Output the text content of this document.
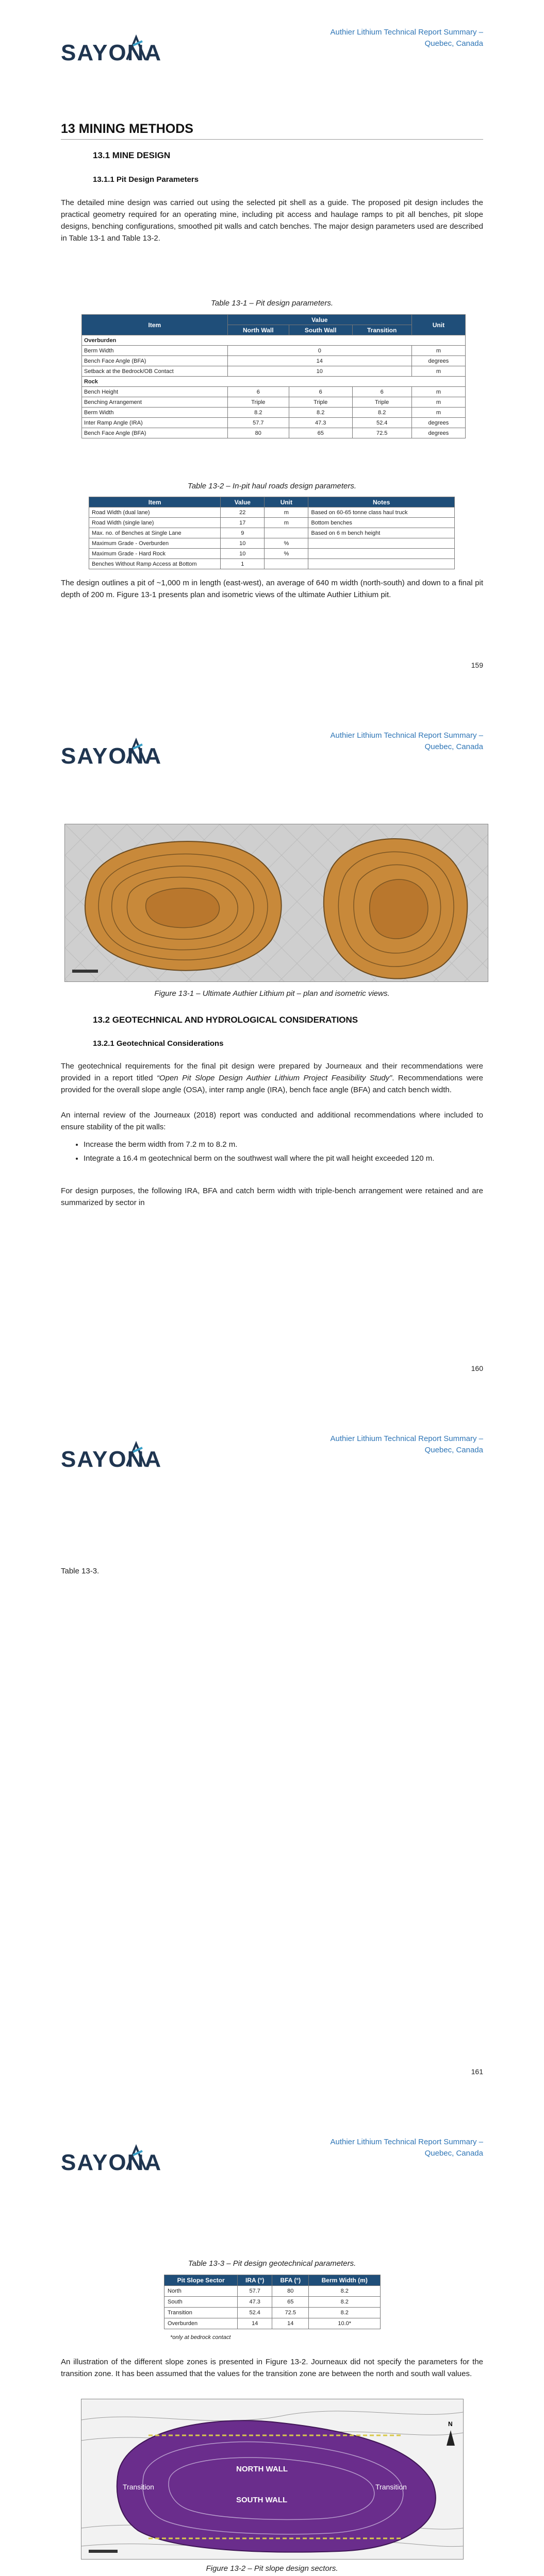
SAYONA
Authier Lithium Technical Report Summary –
Quebec, Canada
13 MINING METHODS
13.1 MINE DESIGN
13.1.1 Pit Design Parameters
The detailed mine design was carried out using the selected pit shell as a guide. The proposed pit design includes the practical geometry required for an operating mine, including pit access and haulage ramps to pit all benches, pit slope designs, benching configurations, smoothed pit walls and catch benches. The major design parameters used are described in Table 13-1 and Table 13-2.
Table 13-1 – Pit design parameters.
Item	Value			Unit
	North Wall	South Wall	Transition	
Overburden				
Berm Width	0			m
Bench Face Angle (BFA)	14			degrees
Setback at the Bedrock/OB Contact	10			m
Rock				
Bench Height	6	6	6	m
Benching Arrangement	Triple	Triple	Triple	m
Berm Width	8.2	8.2	8.2	m
Inter Ramp Angle (IRA)	57.7	47.3	52.4	degrees
Bench Face Angle (BFA)	80	65	72.5	degrees
Table 13-2 – In-pit haul roads design parameters.
Item	Value	Unit	Notes
Road Width (dual lane)	22	m	Based on 60-65 tonne class haul truck
Road Width (single lane)	17	m	Bottom benches
Max. no. of Benches at Single Lane	9		Based on 6 m bench height
Maximum Grade - Overburden	10	%	
Maximum Grade - Hard Rock	10	%	
Benches Without Ramp Access at Bottom	1		
The design outlines a pit of ~1,000 m in length (east-west), an average of 640 m width (north-south) and down to a final pit depth of 200 m. Figure 13-1 presents plan and isometric views of the ultimate Authier Lithium pit.
159
SAYONA
Authier Lithium Technical Report Summary –
Quebec, Canada
Figure 13-1 – Ultimate Authier Lithium pit – plan and isometric views.
13.2 GEOTECHNICAL AND HYDROLOGICAL CONSIDERATIONS
13.2.1 Geotechnical Considerations
The geotechnical requirements for the final pit design were prepared by Journeaux and their recommendations were provided in a report titled “Open Pit Slope Design Authier Lithium Project Feasibility Study”. Recommendations were provided for the overall slope angle (OSA), inter ramp angle (IRA), bench face angle (BFA) and catch bench width.
An internal review of the Journeaux (2018) report was conducted and additional recommendations where included to ensure stability of the pit walls:
• Increase the berm width from 7.2 m to 8.2 m.
• Integrate a 16.4 m geotechnical berm on the southwest wall where the pit wall height exceeded 120 m.
For design purposes, the following IRA, BFA and catch berm width with triple-bench arrangement were retained and are summarized by sector in
160
SAYONA
Authier Lithium Technical Report Summary –
Quebec, Canada
Table 13-3.
161
SAYONA
Authier Lithium Technical Report Summary –
Quebec, Canada
Table 13-3 – Pit design geotechnical parameters.
Pit Slope Sector	IRA (°)	BFA (°)	Berm Width (m)
North	57.7	80	8.2
South	47.3	65	8.2
Transition	52.4	72.5	8.2
Overburden	14	14	10.0*
*only at bedrock contact
An illustration of the different slope zones is presented in Figure 13-2. Journeaux did not specify the parameters for the transition zone. It has been assumed that the values for the transition zone are between the north and south wall values.
NORTH WALL
SOUTH WALL
Transition	Transition
N
Figure 13-2 – Pit slope design sectors.
